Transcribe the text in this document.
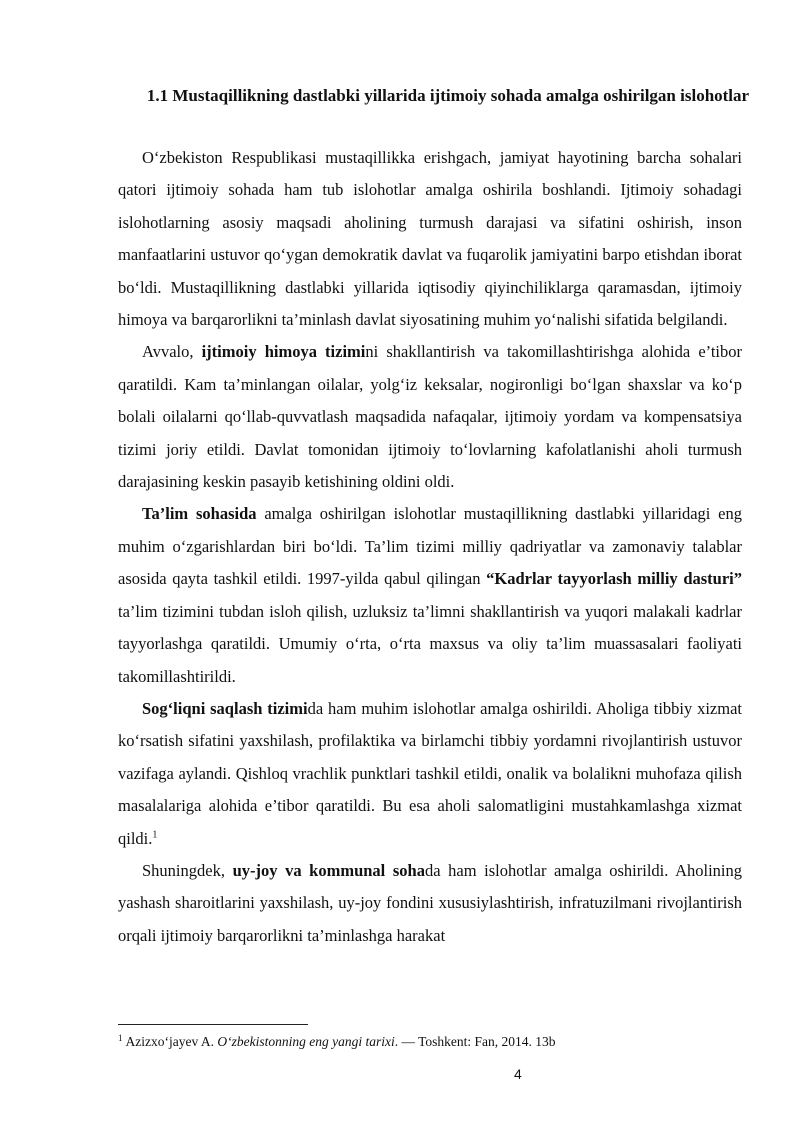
1.1 Mustaqillikning dastlabki yillarida ijtimoiy sohada amalga oshirilgan islohotlar

O‘zbekiston Respublikasi mustaqillikka erishgach, jamiyat hayotining barcha sohalari qatori ijtimoiy sohada ham tub islohotlar amalga oshirila boshlandi. Ijtimoiy sohadagi islohotlarning asosiy maqsadi aholining turmush darajasi va sifatini oshirish, inson manfaatlarini ustuvor qo‘ygan demokratik davlat va fuqarolik jamiyatini barpo etishdan iborat bo‘ldi. Mustaqillikning dastlabki yillarida iqtisodiy qiyinchiliklarga qaramasdan, ijtimoiy himoya va barqarorlikni ta’minlash davlat siyosatining muhim yo‘nalishi sifatida belgilandi.

Avvalo, ijtimoiy himoya tizimini shakllantirish va takomillashtirishga alohida e’tibor qaratildi. Kam ta’minlangan oilalar, yolg‘iz keksalar, nogironligi bo‘lgan shaxslar va ko‘p bolali oilalarni qo‘llab-quvvatlash maqsadida nafaqalar, ijtimoiy yordam va kompensatsiya tizimi joriy etildi. Davlat tomonidan ijtimoiy to‘lovlarning kafolatlanishi aholi turmush darajasining keskin pasayib ketishining oldini oldi.

Ta’lim sohasida amalga oshirilgan islohotlar mustaqillikning dastlabki yillaridagi eng muhim o‘zgarishlardan biri bo‘ldi. Ta’lim tizimi milliy qadriyatlar va zamonaviy talablar asosida qayta tashkil etildi. 1997-yilda qabul qilingan “Kadrlar tayyorlash milliy dasturi” ta’lim tizimini tubdan isloh qilish, uzluksiz ta’limni shakllantirish va yuqori malakali kadrlar tayyorlashga qaratildi. Umumiy o‘rta, o‘rta maxsus va oliy ta’lim muassasalari faoliyati takomillashtirildi.

Sog‘liqni saqlash tizimida ham muhim islohotlar amalga oshirildi. Aholiga tibbiy xizmat ko‘rsatish sifatini yaxshilash, profilaktika va birlamchi tibbiy yordamni rivojlantirish ustuvor vazifaga aylandi. Qishloq vrachlik punktlari tashkil etildi, onalik va bolalikni muhofaza qilish masalalariga alohida e’tibor qaratildi. Bu esa aholi salomatligini mustahkamlashga xizmat qildi.$^1$

Shuningdek, uy-joy va kommunal sohada ham islohotlar amalga oshirildi. Aholining yashash sharoitlarini yaxshilash, uy-joy fondini xususiylashtirish, infratuzilmani rivojlantirish orqali ijtimoiy barqarorlikni ta’minlashga harakat

$^1$ Azizxo‘jayev A. O‘zbekistonning eng yangi tarixi. — Toshkent: Fan, 2014. 13b
4
